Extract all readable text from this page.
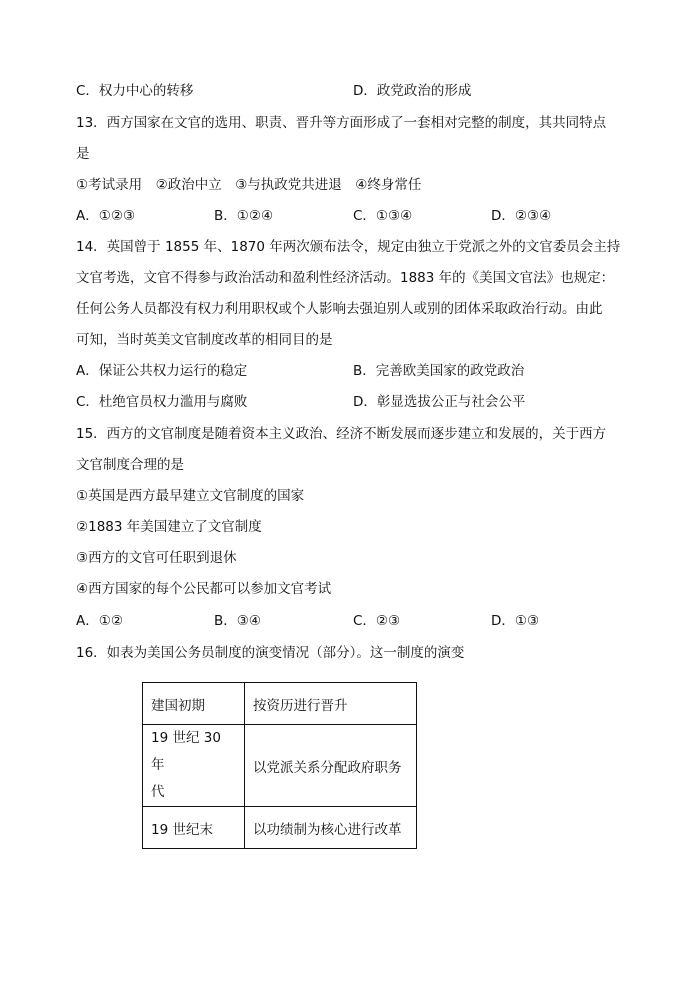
C．权力中心的转移	D．政党政治的形成
13．西方国家在文官的选用、职责、晋升等方面形成了一套相对完整的制度，其共同特点
是
①考试录用　②政治中立　③与执政党共进退　④终身常任
A．①②③	B．①②④	C．①③④	D．②③④
14．英国曾于 1855 年、1870 年两次颁布法令，规定由独立于党派之外的文官委员会主持
文官考选，文官不得参与政治活动和盈利性经济活动。1883 年的《美国文官法》也规定：
任何公务人员都没有权力利用职权或个人影响去强迫别人或别的团体采取政治行动。由此
可知，当时英美文官制度改革的相同目的是
A．保证公共权力运行的稳定	B．完善欧美国家的政党政治
C．杜绝官员权力滥用与腐败	D．彰显选拔公正与社会公平
15．西方的文官制度是随着资本主义政治、经济不断发展而逐步建立和发展的，关于西方
文官制度合理的是
①英国是西方最早建立文官制度的国家
②1883 年美国建立了文官制度
③西方的文官可任职到退休
④西方国家的每个公民都可以参加文官考试
A．①②	B．③④	C．②③	D．①③
16．如表为美国公务员制度的演变情况（部分）。这一制度的演变
建国初期	按资历进行晋升
19 世纪 30 年
代	以党派关系分配政府职务
19 世纪末	以功绩制为核心进行改革
